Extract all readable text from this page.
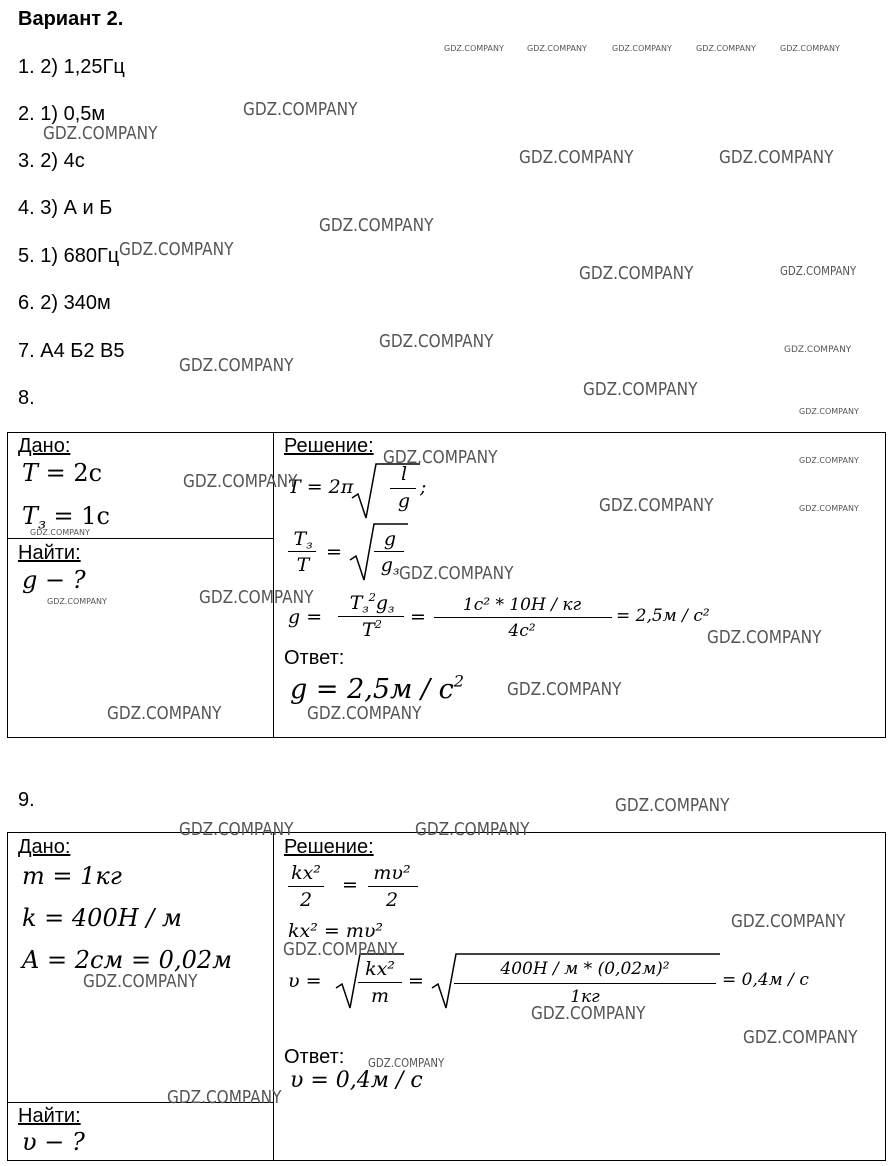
Вариант 2.
1. 2) 1,25Гц
2. 1) 0,5м
3. 2) 4с
4. 3) А и Б
5. 1) 680Гц
6. 2) 340м
7. А4 Б2 В5
8.
Дано:
T = 2с
$T_з = 1с$
Найти:
g − ?
Решение:
T = 2π
l
g
;
$T_з$
T
=
g
$g_з$
g =
$T_з^2g_з$
$T^2$	=
1с² * 10Н / кг
4с²
= 2,5м / с²
Ответ:
$g = 2,5м / с^2$
9.
Дано:
m = 1кг
k = 400Н / м
A = 2см = 0,02м
Найти:
υ − ?
Решение:
kx²
2
=
mυ²
2
kx² = mυ²
υ =
kx²
m
=
400Н / м * (0,02м)²
1кг
= 0,4м / с
Ответ:
υ = 0,4м / с
GDZ.COMPANY	GDZ.COMPANY	GDZ.COMPANY	GDZ.COMPANY	GDZ.COMPANY
GDZ.COMPANY
GDZ.COMPANY
GDZ.COMPANY	GDZ.COMPANY
GDZ.COMPANY
GDZ.COMPANY
GDZ.COMPANY	GDZ.COMPANY
GDZ.COMPANY	GDZ.COMPANY
GDZ.COMPANY
GDZ.COMPANY
GDZ.COMPANY
GDZ.COMPANY	GDZ.COMPANY
GDZ.COMPANY
GDZ.COMPANY	GDZ.COMPANY
GDZ.COMPANY
GDZ.COMPANY
GDZ.COMPANY
GDZ.COMPANY
GDZ.COMPANY
GDZ.COMPANY
GDZ.COMPANY	GDZ.COMPANY
GDZ.COMPANY
GDZ.COMPANY	GDZ.COMPANY
GDZ.COMPANY
GDZ.COMPANY
GDZ.COMPANY
GDZ.COMPANY
GDZ.COMPANY
GDZ.COMPANY
GDZ.COMPANY
